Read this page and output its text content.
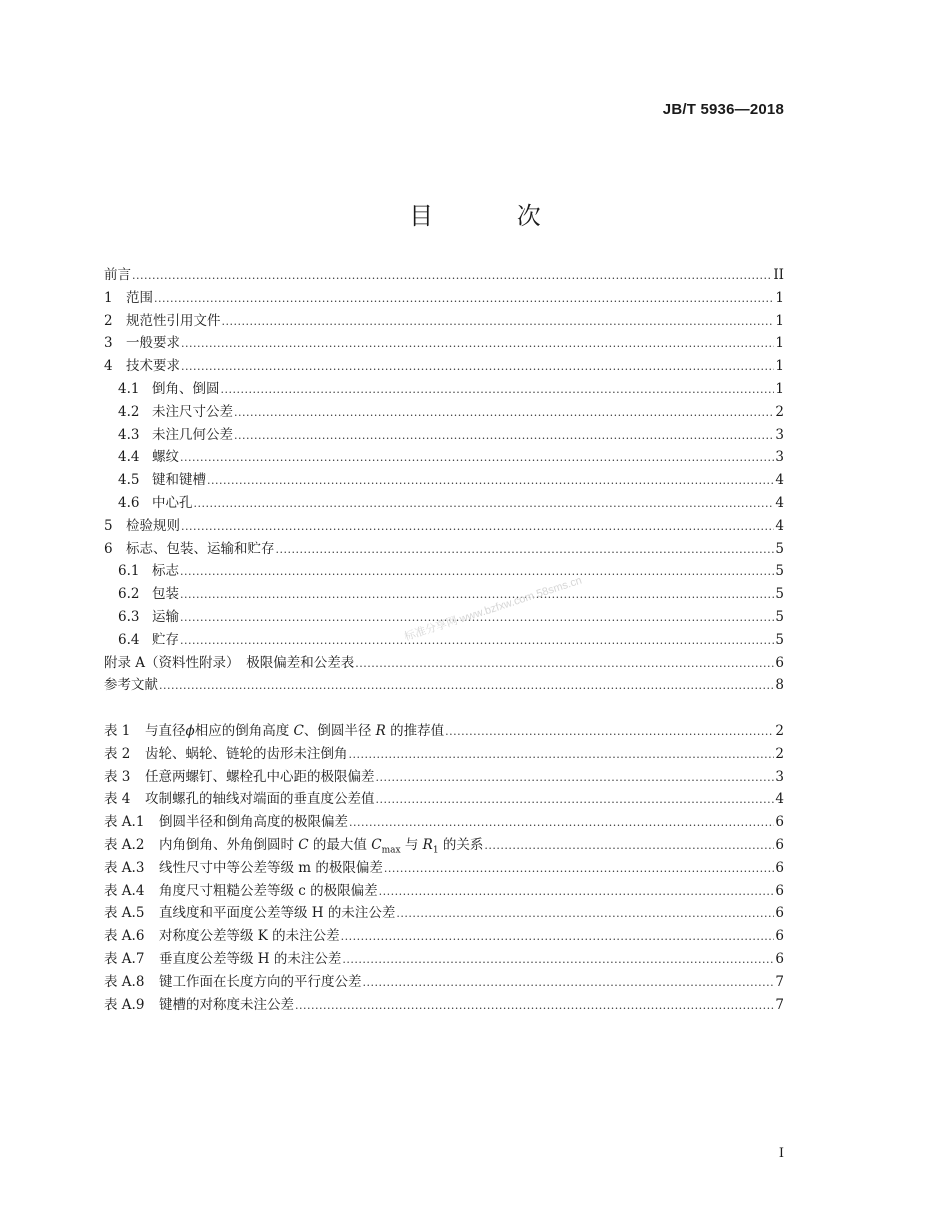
JB/T 5936—2018
目 次
前言 .....	II
1 范围 .....	1
2 规范性引用文件 .....	1
3 一般要求 .....	1
4 技术要求 .....	1
4.1 倒角、倒圆 .....	1
4.2 未注尺寸公差 .....	2
4.3 未注几何公差 .....	3
4.4 螺纹 .....	3
4.5 键和键槽 .....	4
4.6 中心孔 .....	4
5 检验规则 .....	4
6 标志、包装、运输和贮存 .....	5
6.1 标志 .....	5
6.2 包装 .....	5
6.3 运输 .....	5
6.4 贮存 .....	5
附录 A（资料性附录）　极限偏差和公差表 .....	6
参考文献 .....	8
表 1	与直径ϕ相应的倒角高度 C、倒圆半径 R 的推荐值 .....	2
表 2	齿轮、蜗轮、链轮的齿形未注倒角 .....	2
表 3	任意两螺钉、螺栓孔中心距的极限偏差 .....	3
表 4	攻制螺孔的轴线对端面的垂直度公差值 .....	4
表 A.1	倒圆半径和倒角高度的极限偏差 .....	6
表 A.2	内角倒角、外角倒圆时 C 的最大值 $C_{max}$ 与 $R_1$ 的关系 .....	6
表 A.3	线性尺寸中等公差等级 m 的极限偏差 .....	6
表 A.4	角度尺寸粗糙公差等级 c 的极限偏差 .....	6
表 A.5	直线度和平面度公差等级 H 的未注公差 .....	6
表 A.6	对称度公差等级 K 的未注公差 .....	6
表 A.7	垂直度公差等级 H 的未注公差 .....	6
表 A.8	键工作面在长度方向的平行度公差 .....	7
表 A.9	键槽的对称度未注公差 .....	7
标准分享网 www.bzfxw.com 58sms.cn
I
